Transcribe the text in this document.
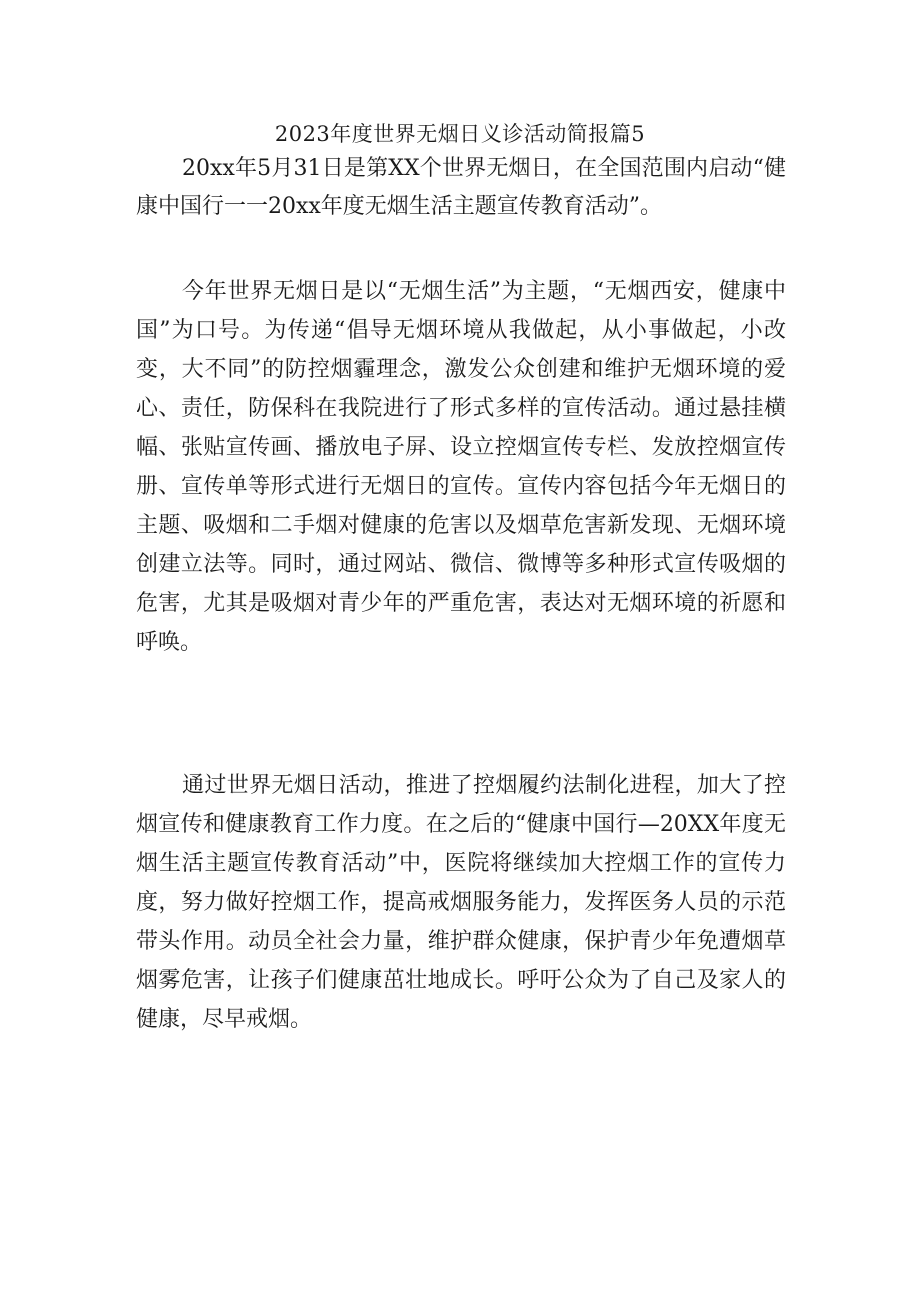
2023年度世界无烟日义诊活动简报篇5

20xx年5月31日是第XX个世界无烟日，在全国范围内启动“健康中国行一一20xx年度无烟生活主题宣传教育活动”。

今年世界无烟日是以“无烟生活”为主题，“无烟西安，健康中国”为口号。为传递“倡导无烟环境从我做起，从小事做起，小改变，大不同”的防控烟霾理念，激发公众创建和维护无烟环境的爱心、责任，防保科在我院进行了形式多样的宣传活动。通过悬挂横幅、张贴宣传画、播放电子屏、设立控烟宣传专栏、发放控烟宣传册、宣传单等形式进行无烟日的宣传。宣传内容包括今年无烟日的主题、吸烟和二手烟对健康的危害以及烟草危害新发现、无烟环境创建立法等。同时，通过网站、微信、微博等多种形式宣传吸烟的危害，尤其是吸烟对青少年的严重危害，表达对无烟环境的祈愿和呼唤。

通过世界无烟日活动，推进了控烟履约法制化进程，加大了控烟宣传和健康教育工作力度。在之后的“健康中国行—20XX年度无烟生活主题宣传教育活动”中，医院将继续加大控烟工作的宣传力度，努力做好控烟工作，提高戒烟服务能力，发挥医务人员的示范带头作用。动员全社会力量，维护群众健康，保护青少年免遭烟草烟雾危害，让孩子们健康茁壮地成长。呼吁公众为了自己及家人的健康，尽早戒烟。
